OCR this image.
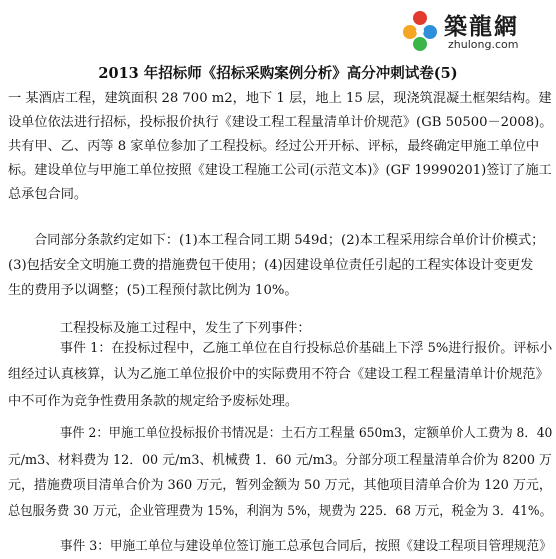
築龍網
zhulong.com
2013 年招标师《招标采购案例分析》高分冲刺试卷(5)
一 某酒店工程，建筑面积 28 700 m2，地下 1 层，地上 15 层，现浇筑混凝土框架结构。建
设单位依法进行招标，投标报价执行《建设工程工程量清单计价规范》(GB 50500－2008)。
共有甲、乙、丙等 8 家单位参加了工程投标。经过公开开标、评标，最终确定甲施工单位中
标。建设单位与甲施工单位按照《建设工程施工公司(示范文本)》(GF 19990201)签订了施工
总承包合同。
合同部分条款约定如下：(1)本工程合同工期 549d；(2)本工程采用综合单价计价模式；
(3)包括安全文明施工费的措施费包干使用；(4)因建设单位责任引起的工程实体设计变更发
生的费用予以调整；(5)工程预付款比例为 10%。
工程投标及施工过程中，发生了下列事件：
事件 1：在投标过程中，乙施工单位在自行投标总价基础上下浮 5%进行报价。评标小
组经过认真核算，认为乙施工单位报价中的实际费用不符合《建设工程工程量清单计价规范》
中不可作为竞争性费用条款的规定给予废标处理。
事件 2：甲施工单位投标报价书情况是：土石方工程量 650m3，定额单价人工费为 8．40
元/m3、材料费为 12．00 元/m3、机械费 1．60 元/m3。分部分项工程量清单合价为 8200 万
元，措施费项目清单合价为 360 万元，暂列金额为 50 万元，其他项目清单合价为 120 万元，
总包服务费 30 万元，企业管理费为 15%，利润为 5%，规费为 225．68 万元，税金为 3．41%。
事件 3：甲施工单位与建设单位签订施工总承包合同后，按照《建设工程项目管理规范》
